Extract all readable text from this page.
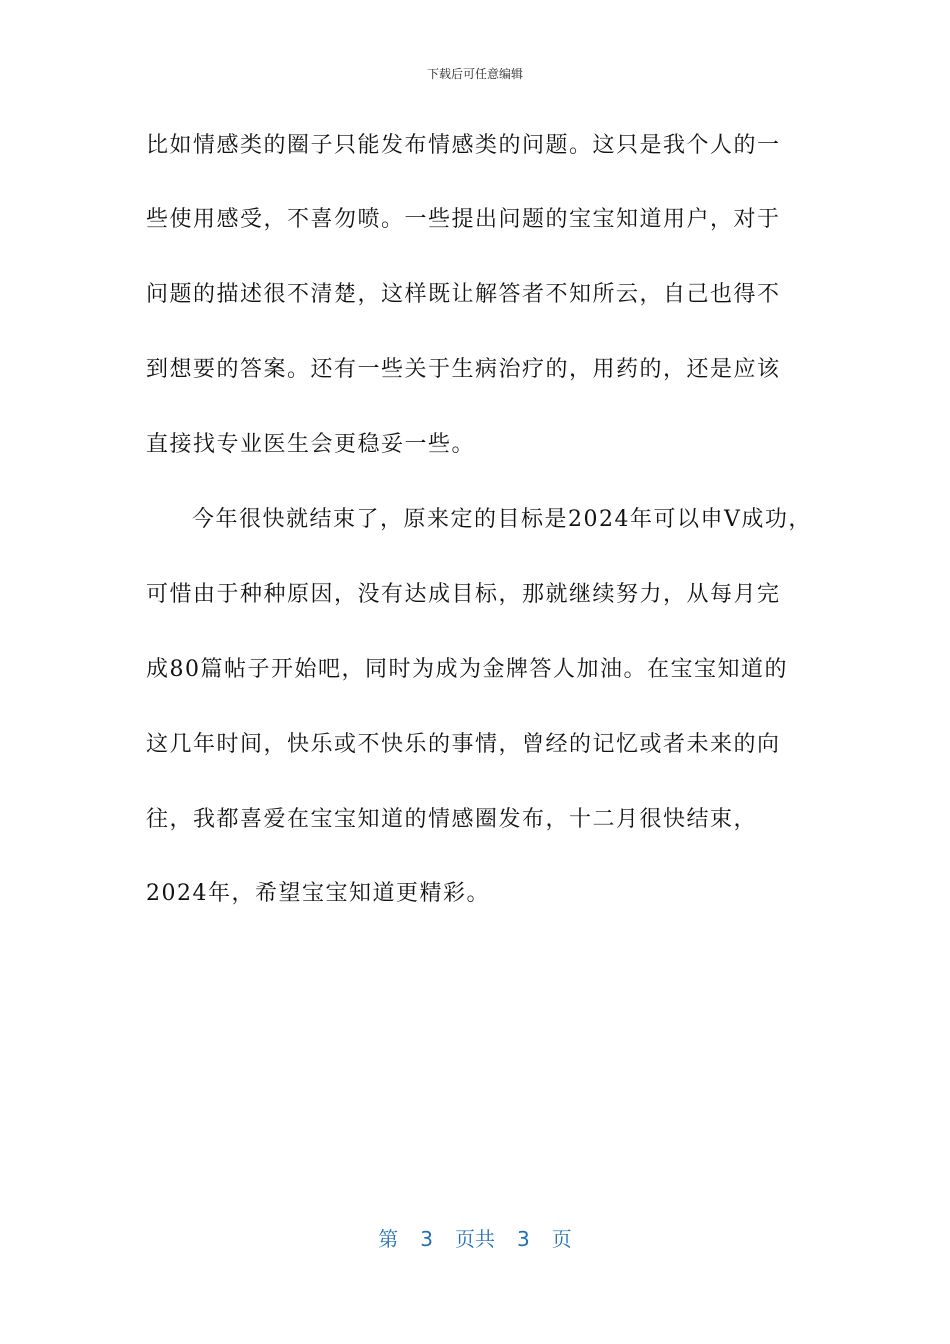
下载后可任意编辑
比如情感类的圈子只能发布情感类的问题。这只是我个人的一
些使用感受，不喜勿喷。一些提出问题的宝宝知道用户，对于
问题的描述很不清楚，这样既让解答者不知所云，自己也得不
到想要的答案。还有一些关于生病治疗的，用药的，还是应该
直接找专业医生会更稳妥一些。
今年很快就结束了，原来定的目标是2024年可以申V成功，
可惜由于种种原因，没有达成目标，那就继续努力，从每月完
成80篇帖子开始吧，同时为成为金牌答人加油。在宝宝知道的
这几年时间，快乐或不快乐的事情，曾经的记忆或者未来的向
往，我都喜爱在宝宝知道的情感圈发布，十二月很快结束，
2024年，希望宝宝知道更精彩。
第 3 页共 3 页
